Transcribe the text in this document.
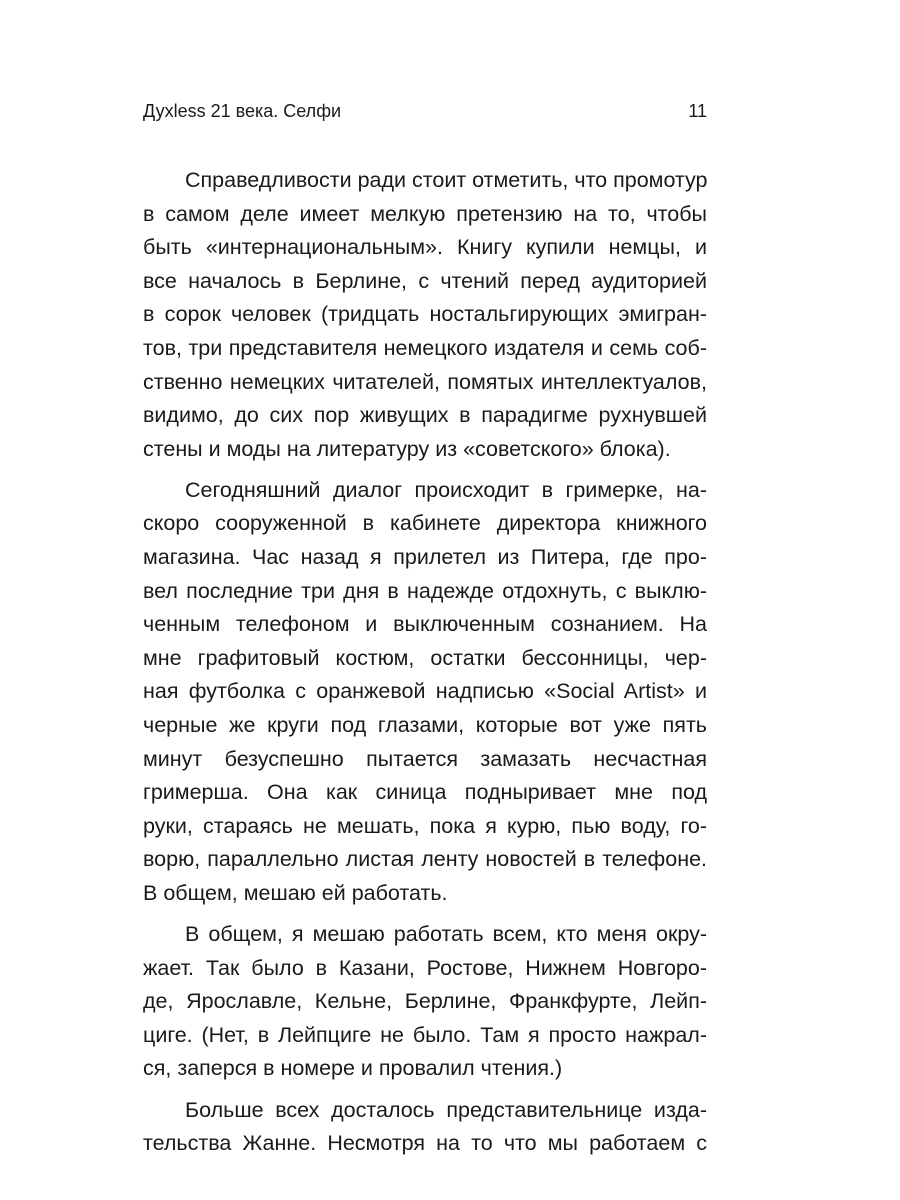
Духless 21 века. Селфи	11
Справедливости ради стоит отметить, что промотур
в самом деле имеет мелкую претензию на то, чтобы
быть «интернациональным». Книгу купили немцы, и
все началось в Берлине, с чтений перед аудиторией
в сорок человек (тридцать ностальгирующих эмигран-
тов, три представителя немецкого издателя и семь соб-
ственно немецких читателей, помятых интеллектуалов,
видимо, до сих пор живущих в парадигме рухнувшей
стены и моды на литературу из «советского» блока).
Сегодняшний диалог происходит в гримерке, на-
скоро сооруженной в кабинете директора книжного
магазина. Час назад я прилетел из Питера, где про-
вел последние три дня в надежде отдохнуть, с выклю-
ченным телефоном и выключенным сознанием. На
мне графитовый костюм, остатки бессонницы, чер-
ная футболка с оранжевой надписью «Social Artist» и
черные же круги под глазами, которые вот уже пять
минут безуспешно пытается замазать несчастная
гримерша. Она как синица подныривает мне под
руки, стараясь не мешать, пока я курю, пью воду, го-
ворю, параллельно листая ленту новостей в телефоне.
В общем, мешаю ей работать.
В общем, я мешаю работать всем, кто меня окру-
жает. Так было в Казани, Ростове, Нижнем Новгоро-
де, Ярославле, Кельне, Берлине, Франкфурте, Лейп-
циге. (Нет, в Лейпциге не было. Там я просто нажрал-
ся, заперся в номере и провалил чтения.)
Больше всех досталось представительнице изда-
тельства Жанне. Несмотря на то что мы работаем с
